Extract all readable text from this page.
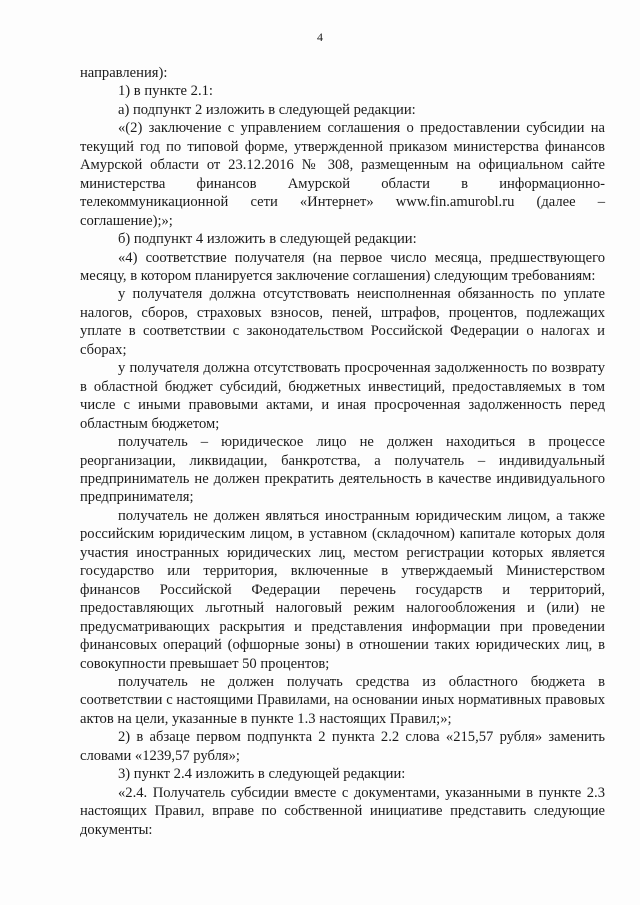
4

направления):

1) в пункте 2.1:

а) подпункт 2 изложить в следующей редакции:

«(2) заключение с управлением соглашения о предоставлении субсидии на текущий год по типовой форме, утвержденной приказом министерства финансов Амурской области от 23.12.2016 № 308, размещенным на официальном сайте министерства финансов Амурской области в информационно-телекоммуникационной сети «Интернет» www.fin.amurobl.ru (далее – соглашение);»;

б) подпункт 4 изложить в следующей редакции:

«4) соответствие получателя (на первое число месяца, предшествующего месяцу, в котором планируется заключение соглашения) следующим требованиям:

у получателя должна отсутствовать неисполненная обязанность по уплате налогов, сборов, страховых взносов, пеней, штрафов, процентов, подлежащих уплате в соответствии с законодательством Российской Федерации о налогах и сборах;

у получателя должна отсутствовать просроченная задолженность по возврату в областной бюджет субсидий, бюджетных инвестиций, предоставляемых в том числе с иными правовыми актами, и иная просроченная задолженность перед областным бюджетом;

получатель – юридическое лицо не должен находиться в процессе реорганизации, ликвидации, банкротства, а получатель – индивидуальный предприниматель не должен прекратить деятельность в качестве индивидуального предпринимателя;

получатель не должен являться иностранным юридическим лицом, а также российским юридическим лицом, в уставном (складочном) капитале которых доля участия иностранных юридических лиц, местом регистрации которых является государство или территория, включенные в утверждаемый Министерством финансов Российской Федерации перечень государств и территорий, предоставляющих льготный налоговый режим налогообложения и (или) не предусматривающих раскрытия и представления информации при проведении финансовых операций (офшорные зоны) в отношении таких юридических лиц, в совокупности превышает 50 процентов;

получатель не должен получать средства из областного бюджета в соответствии с настоящими Правилами, на основании иных нормативных правовых актов на цели, указанные в пункте 1.3 настоящих Правил;»;

2) в абзаце первом подпункта 2 пункта 2.2 слова «215,57 рубля» заменить словами «1239,57 рубля»;

3) пункт 2.4 изложить в следующей редакции:

«2.4. Получатель субсидии вместе с документами, указанными в пункте 2.3 настоящих Правил, вправе по собственной инициативе представить следующие документы:
